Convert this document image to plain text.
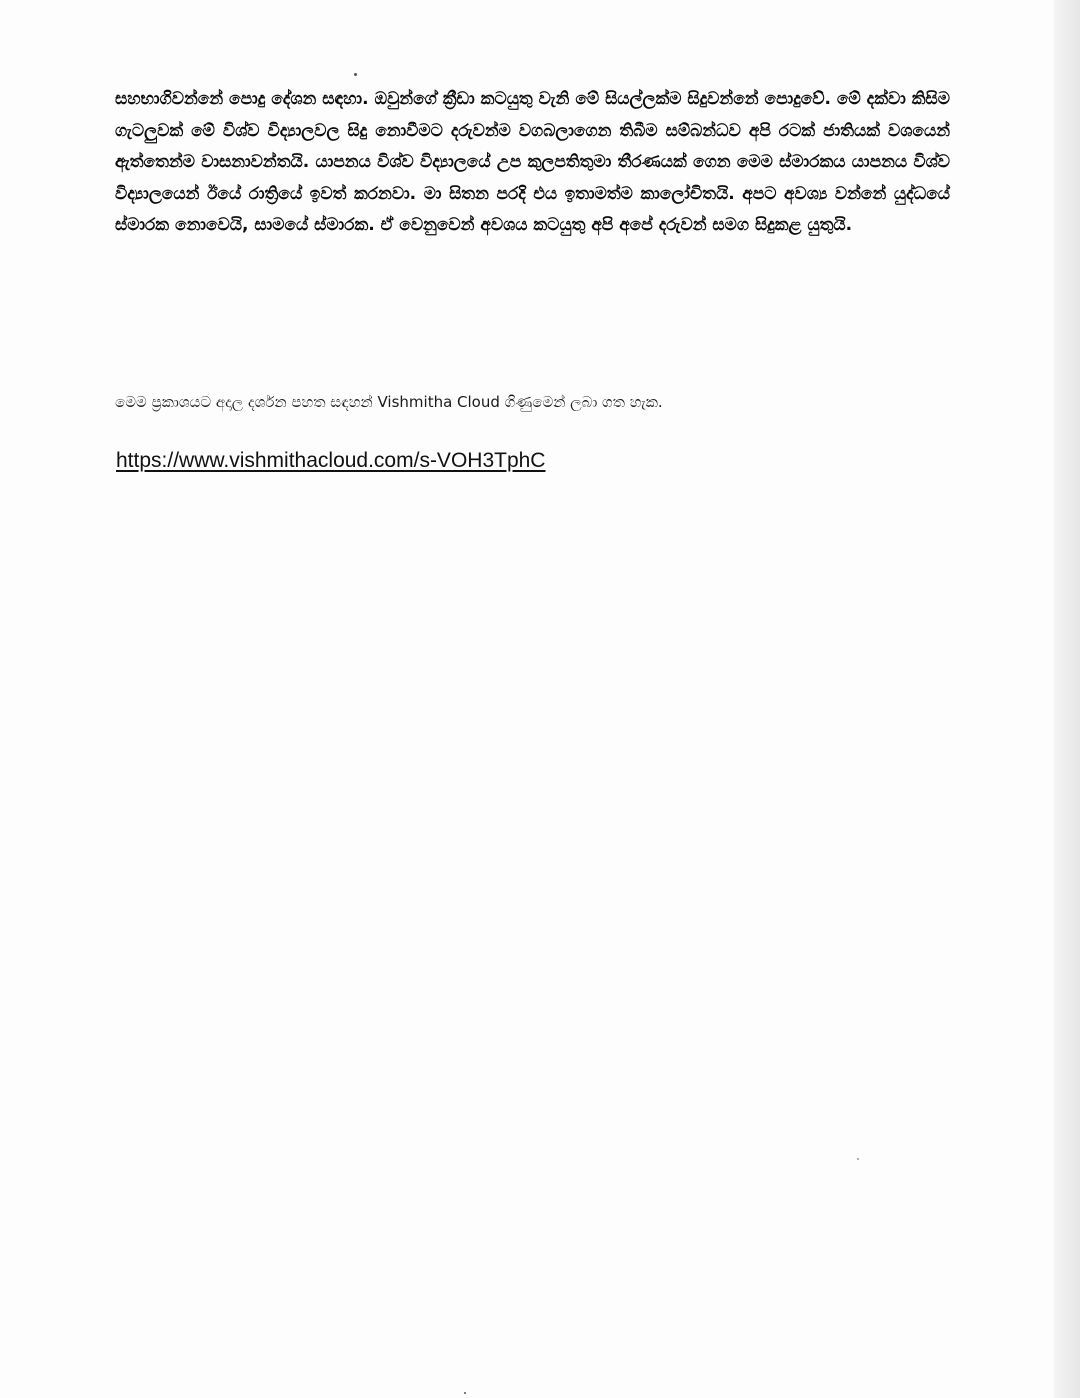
සහභාගිවන්නේ පොදු දේශන සඳහා. ඔවුන්ගේ ක්‍රීඩා කටයුතු වැනි මේ සියල්ලක්ම සිදුවන්නේ පොදුවේ. මේ දක්වා කිසිම ගැටලුවක් මේ විශ්ව විද්‍යාලවල සිදු නොවීමට දරුවන්ම වගබලාගෙන තිබීම සම්බන්ධව අපි රටක් ජාතියක් වශයෙන් ඇත්තෙන්ම වාසනාවන්තයි. යාපනය විශ්ව විද්‍යාලයේ උප කුලපතිතුමා තීරණයක් ගෙන මෙම ස්මාරකය යාපනය විශ්ව විද්‍යාලයෙන් ඊයේ රාත්‍රියේ ඉවත් කරනවා. මා සිතන පරදි එය ඉතාමත්ම කාලෝචිතයි. අපට අවශ්‍ය වන්නේ යුද්ධයේ ස්මාරක නොවෙයි, සාමයේ ස්මාරක. ඒ වෙනුවෙන් අවශය කටයුතු අපි අපේ දරුවන් සමග සිදුකළ යුතුයි.

මෙම ප්‍රකාශයට අදාල දර්ශන පහත සඳහන් Vishmitha Cloud ගිණුමෙන් ලබා ගත හැක.

https://www.vishmithacloud.com/s-VOH3TphC
